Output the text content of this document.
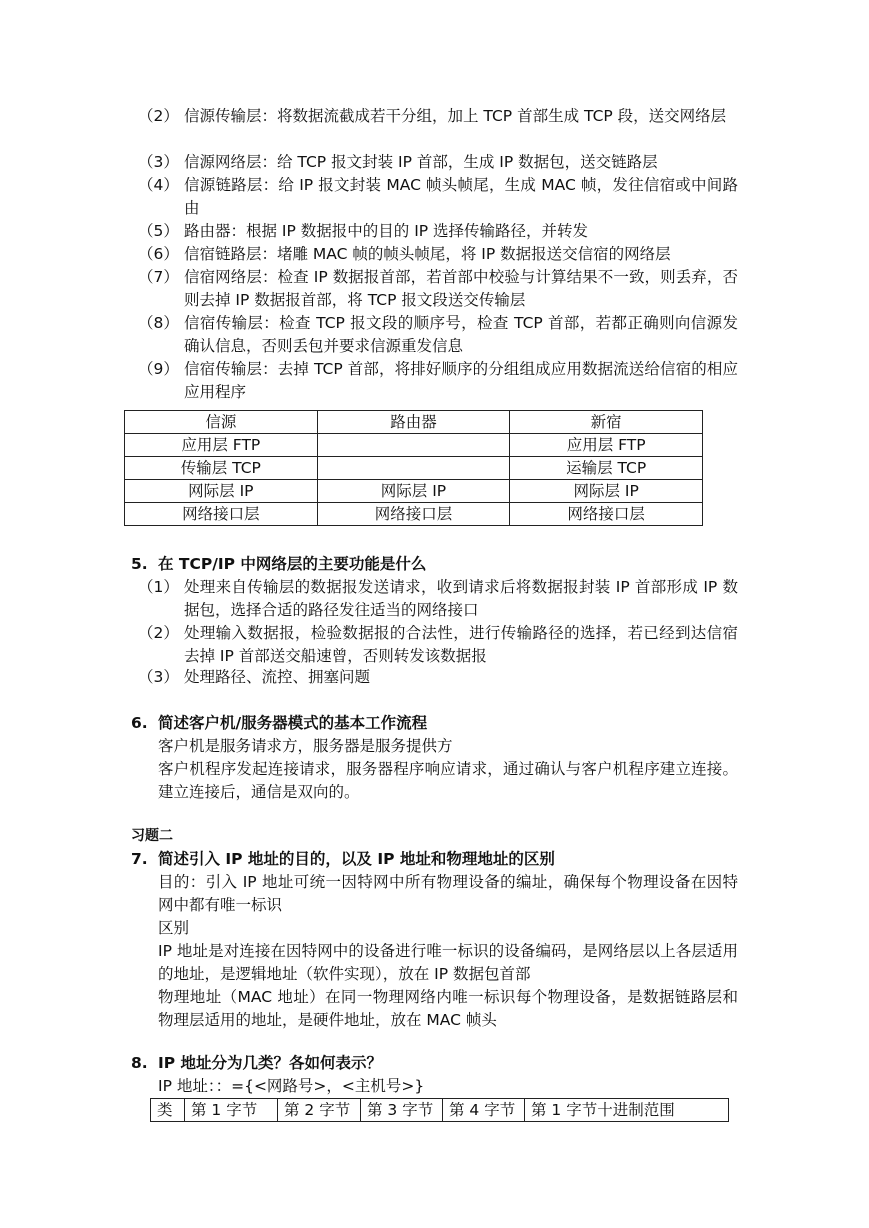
（2） 信源传输层：将数据流截成若干分组，加上 TCP 首部生成 TCP 段，送交网络层
（3） 信源网络层：给 TCP 报文封装 IP 首部，生成 IP 数据包，送交链路层
（4） 信源链路层：给 IP 报文封装 MAC 帧头帧尾，生成 MAC 帧，发往信宿或中间路由
（5） 路由器：根据 IP 数据报中的目的 IP 选择传输路径，并转发
（6） 信宿链路层：堵雕 MAC 帧的帧头帧尾，将 IP 数据报送交信宿的网络层
（7） 信宿网络层：检查 IP 数据报首部，若首部中校验与计算结果不一致，则丢弃，否则去掉 IP 数据报首部，将 TCP 报文段送交传输层
（8） 信宿传输层：检查 TCP 报文段的顺序号，检查 TCP 首部，若都正确则向信源发确认信息，否则丢包并要求信源重发信息
（9） 信宿传输层：去掉 TCP 首部，将排好顺序的分组组成应用数据流送给信宿的相应应用程序
信源	路由器	新宿
应用层 FTP		应用层 FTP
传输层 TCP		运输层 TCP
网际层 IP	网际层 IP	网际层 IP
网络接口层	网络接口层	网络接口层
5. 在 TCP/IP 中网络层的主要功能是什么
（1） 处理来自传输层的数据报发送请求，收到请求后将数据报封装 IP 首部形成 IP 数据包，选择合适的路径发往适当的网络接口
（2） 处理输入数据报，检验数据报的合法性，进行传输路径的选择，若已经到达信宿去掉 IP 首部送交船速曾，否则转发该数据报
（3） 处理路径、流控、拥塞问题
6. 简述客户机/服务器模式的基本工作流程
客户机是服务请求方，服务器是服务提供方
客户机程序发起连接请求，服务器程序响应请求，通过确认与客户机程序建立连接。建立连接后，通信是双向的。
习题二
7. 简述引入 IP 地址的目的，以及 IP 地址和物理地址的区别
目的：引入 IP 地址可统一因特网中所有物理设备的编址，确保每个物理设备在因特网中都有唯一标识
区别
IP 地址是对连接在因特网中的设备进行唯一标识的设备编码，是网络层以上各层适用的地址，是逻辑地址（软件实现），放在 IP 数据包首部
物理地址（MAC 地址）在同一物理网络内唯一标识每个物理设备，是数据链路层和物理层适用的地址，是硬件地址，放在 MAC 帧头
8. IP 地址分为几类？各如何表示？
IP 地址：：={<网路号>，<主机号>}
类	第 1 字节	第 2 字节	第 3 字节	第 4 字节	第 1 字节十进制范围
